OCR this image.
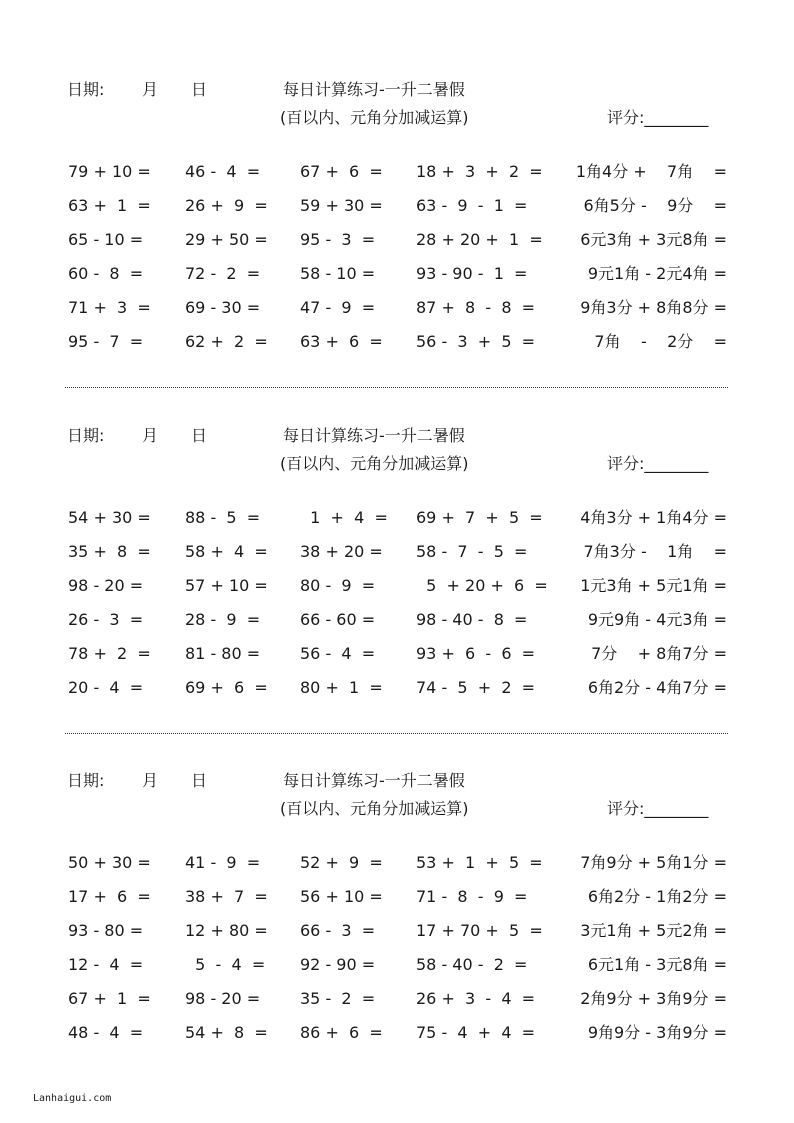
日期: 月 日	每日计算练习-一升二暑假
(百以内、元角分加减运算)	评分:________
79 + 10 = 46 -  4  = 67 +  6  = 18 +  3  +  2  = 1角4分 +    7角    =
63 +  1  = 26 +  9  = 59 + 30 = 63 -  9  -  1  =	6角5分 -    9分    =
65 - 10 =	29 + 50 = 95 -  3  =	28 + 20 +  1  = 6元3角 + 3元8角 =
60 -  8  =	72 -  2  = 58 - 10 =	93 - 90 -  1  =	9元1角 - 2元4角 =
71 +  3  = 69 - 30 = 47 -  9  =	87 +  8  -  8  =	9角3分 + 8角8分 =
95 -  7  =	62 +  2  = 63 +  6  = 56 -  3  +  5  =	7角    -    2分    =
日期: 月 日	每日计算练习-一升二暑假
(百以内、元角分加减运算)	评分:________
54 + 30 = 88 -  5  = 1  +  4  = 69 +  7  +  5  = 4角3分 + 1角4分 =
35 +  8  = 58 +  4  = 38 + 20 = 58 -  7  -  5  =	7角3分 -    1角    =
98 - 20 =	57 + 10 = 80 -  9  =	5  + 20 +  6  = 1元3角 + 5元1角 =
26 -  3  =	28 -  9  = 66 - 60 =	98 - 40 -  8  =	9元9角 - 4元3角 =
78 +  2  = 81 - 80 = 56 -  4  =	93 +  6  -  6  =	7分    + 8角7分 =
20 -  4  =	69 +  6  = 80 +  1  = 74 -  5  +  2  =	6角2分 - 4角7分 =
日期: 月 日	每日计算练习-一升二暑假
(百以内、元角分加减运算)	评分:________
50 + 30 = 41 -  9  = 52 +  9  = 53 +  1  +  5  = 7角9分 + 5角1分 =
17 +  6  = 38 +  7  = 56 + 10 = 71 -  8  -  9  =	6角2分 - 1角2分 =
93 - 80 =	12 + 80 = 66 -  3  =	17 + 70 +  5  = 3元1角 + 5元2角 =
12 -  4  =	5  -  4  = 92 - 90 =	58 - 40 -  2  =	6元1角 - 3元8角 =
67 +  1  = 98 - 20 = 35 -  2  =	26 +  3  -  4  =	2角9分 + 3角9分 =
48 -  4  =	54 +  8  = 86 +  6  = 75 -  4  +  4  =	9角9分 - 3角9分 =
Lanhaigui.com
